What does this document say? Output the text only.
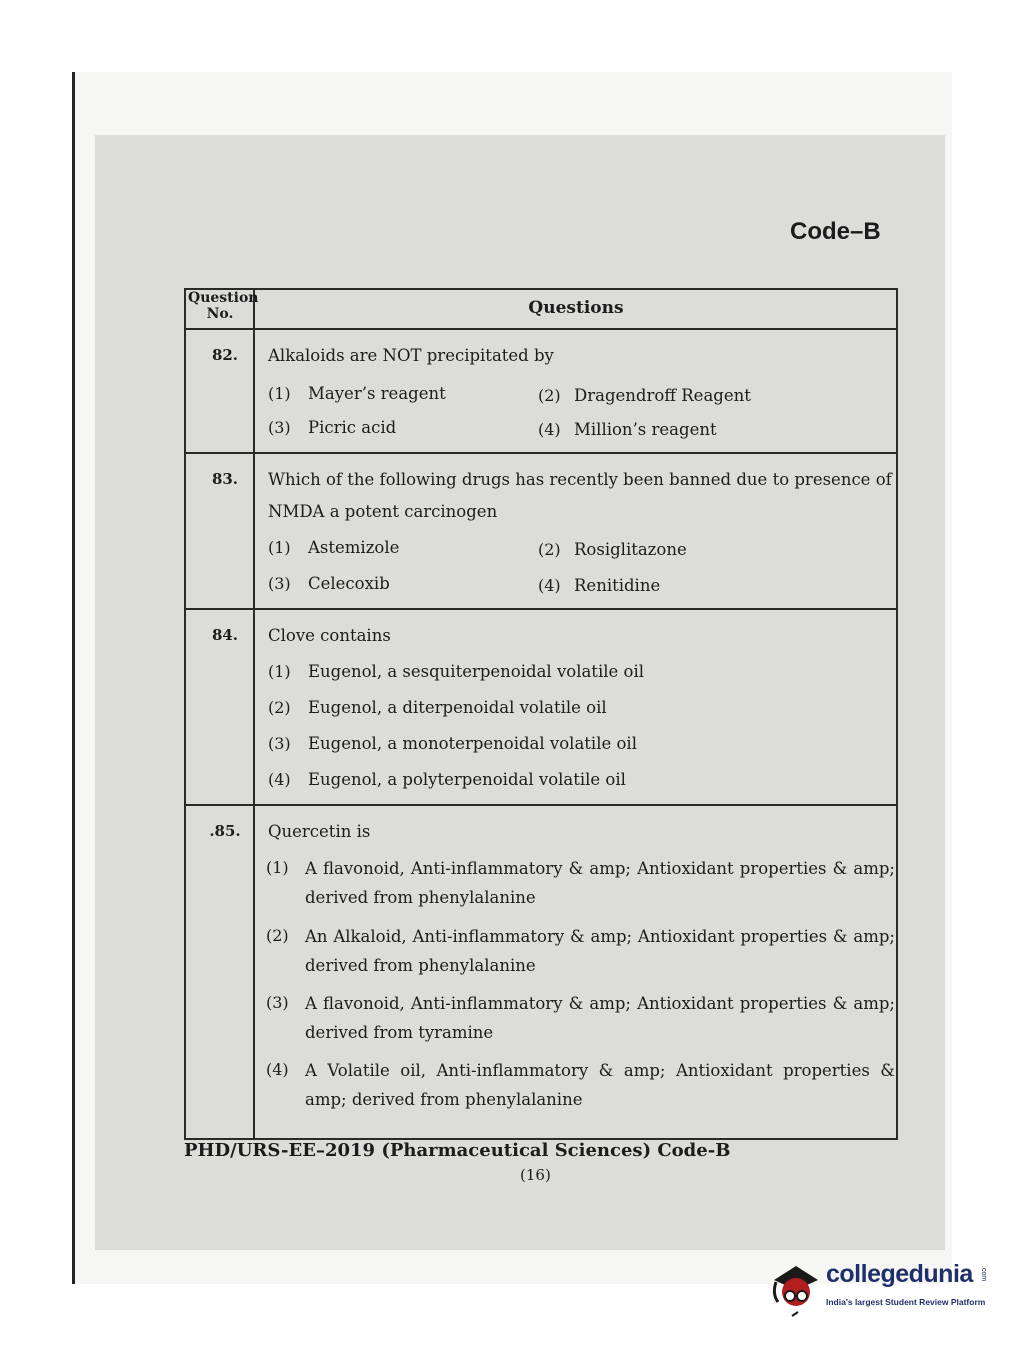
Code–B
Question
No.	Questions
82.	Alkaloids are NOT precipitated by
(1) Mayer’s reagent	(2) Dragendroff Reagent
(3) Picric acid	(4) Million’s reagent
83.	Which of the following drugs has recently been banned due to presence of
NMDA a potent carcinogen
(1) Astemizole	(2) Rosiglitazone
(3) Celecoxib	(4) Renitidine
84.	Clove contains
(1) Eugenol, a sesquiterpenoidal volatile oil
(2) Eugenol, a diterpenoidal volatile oil
(3) Eugenol, a monoterpenoidal volatile oil
(4) Eugenol, a polyterpenoidal volatile oil
.85.	Quercetin is
(1) A flavonoid, Anti-inflammatory & amp; Antioxidant properties & amp; derived from phenylalanine
(2) An Alkaloid, Anti-inflammatory & amp; Antioxidant properties & amp; derived from phenylalanine
(3) A flavonoid, Anti-inflammatory & amp; Antioxidant properties & amp; derived from tyramine
(4) A Volatile oil, Anti-inflammatory & amp; Antioxidant properties & amp; derived from phenylalanine
PHD/URS-EE–2019 (Pharmaceutical Sciences) Code-B
(16)
collegedunia .com
India's largest Student Review Platform
